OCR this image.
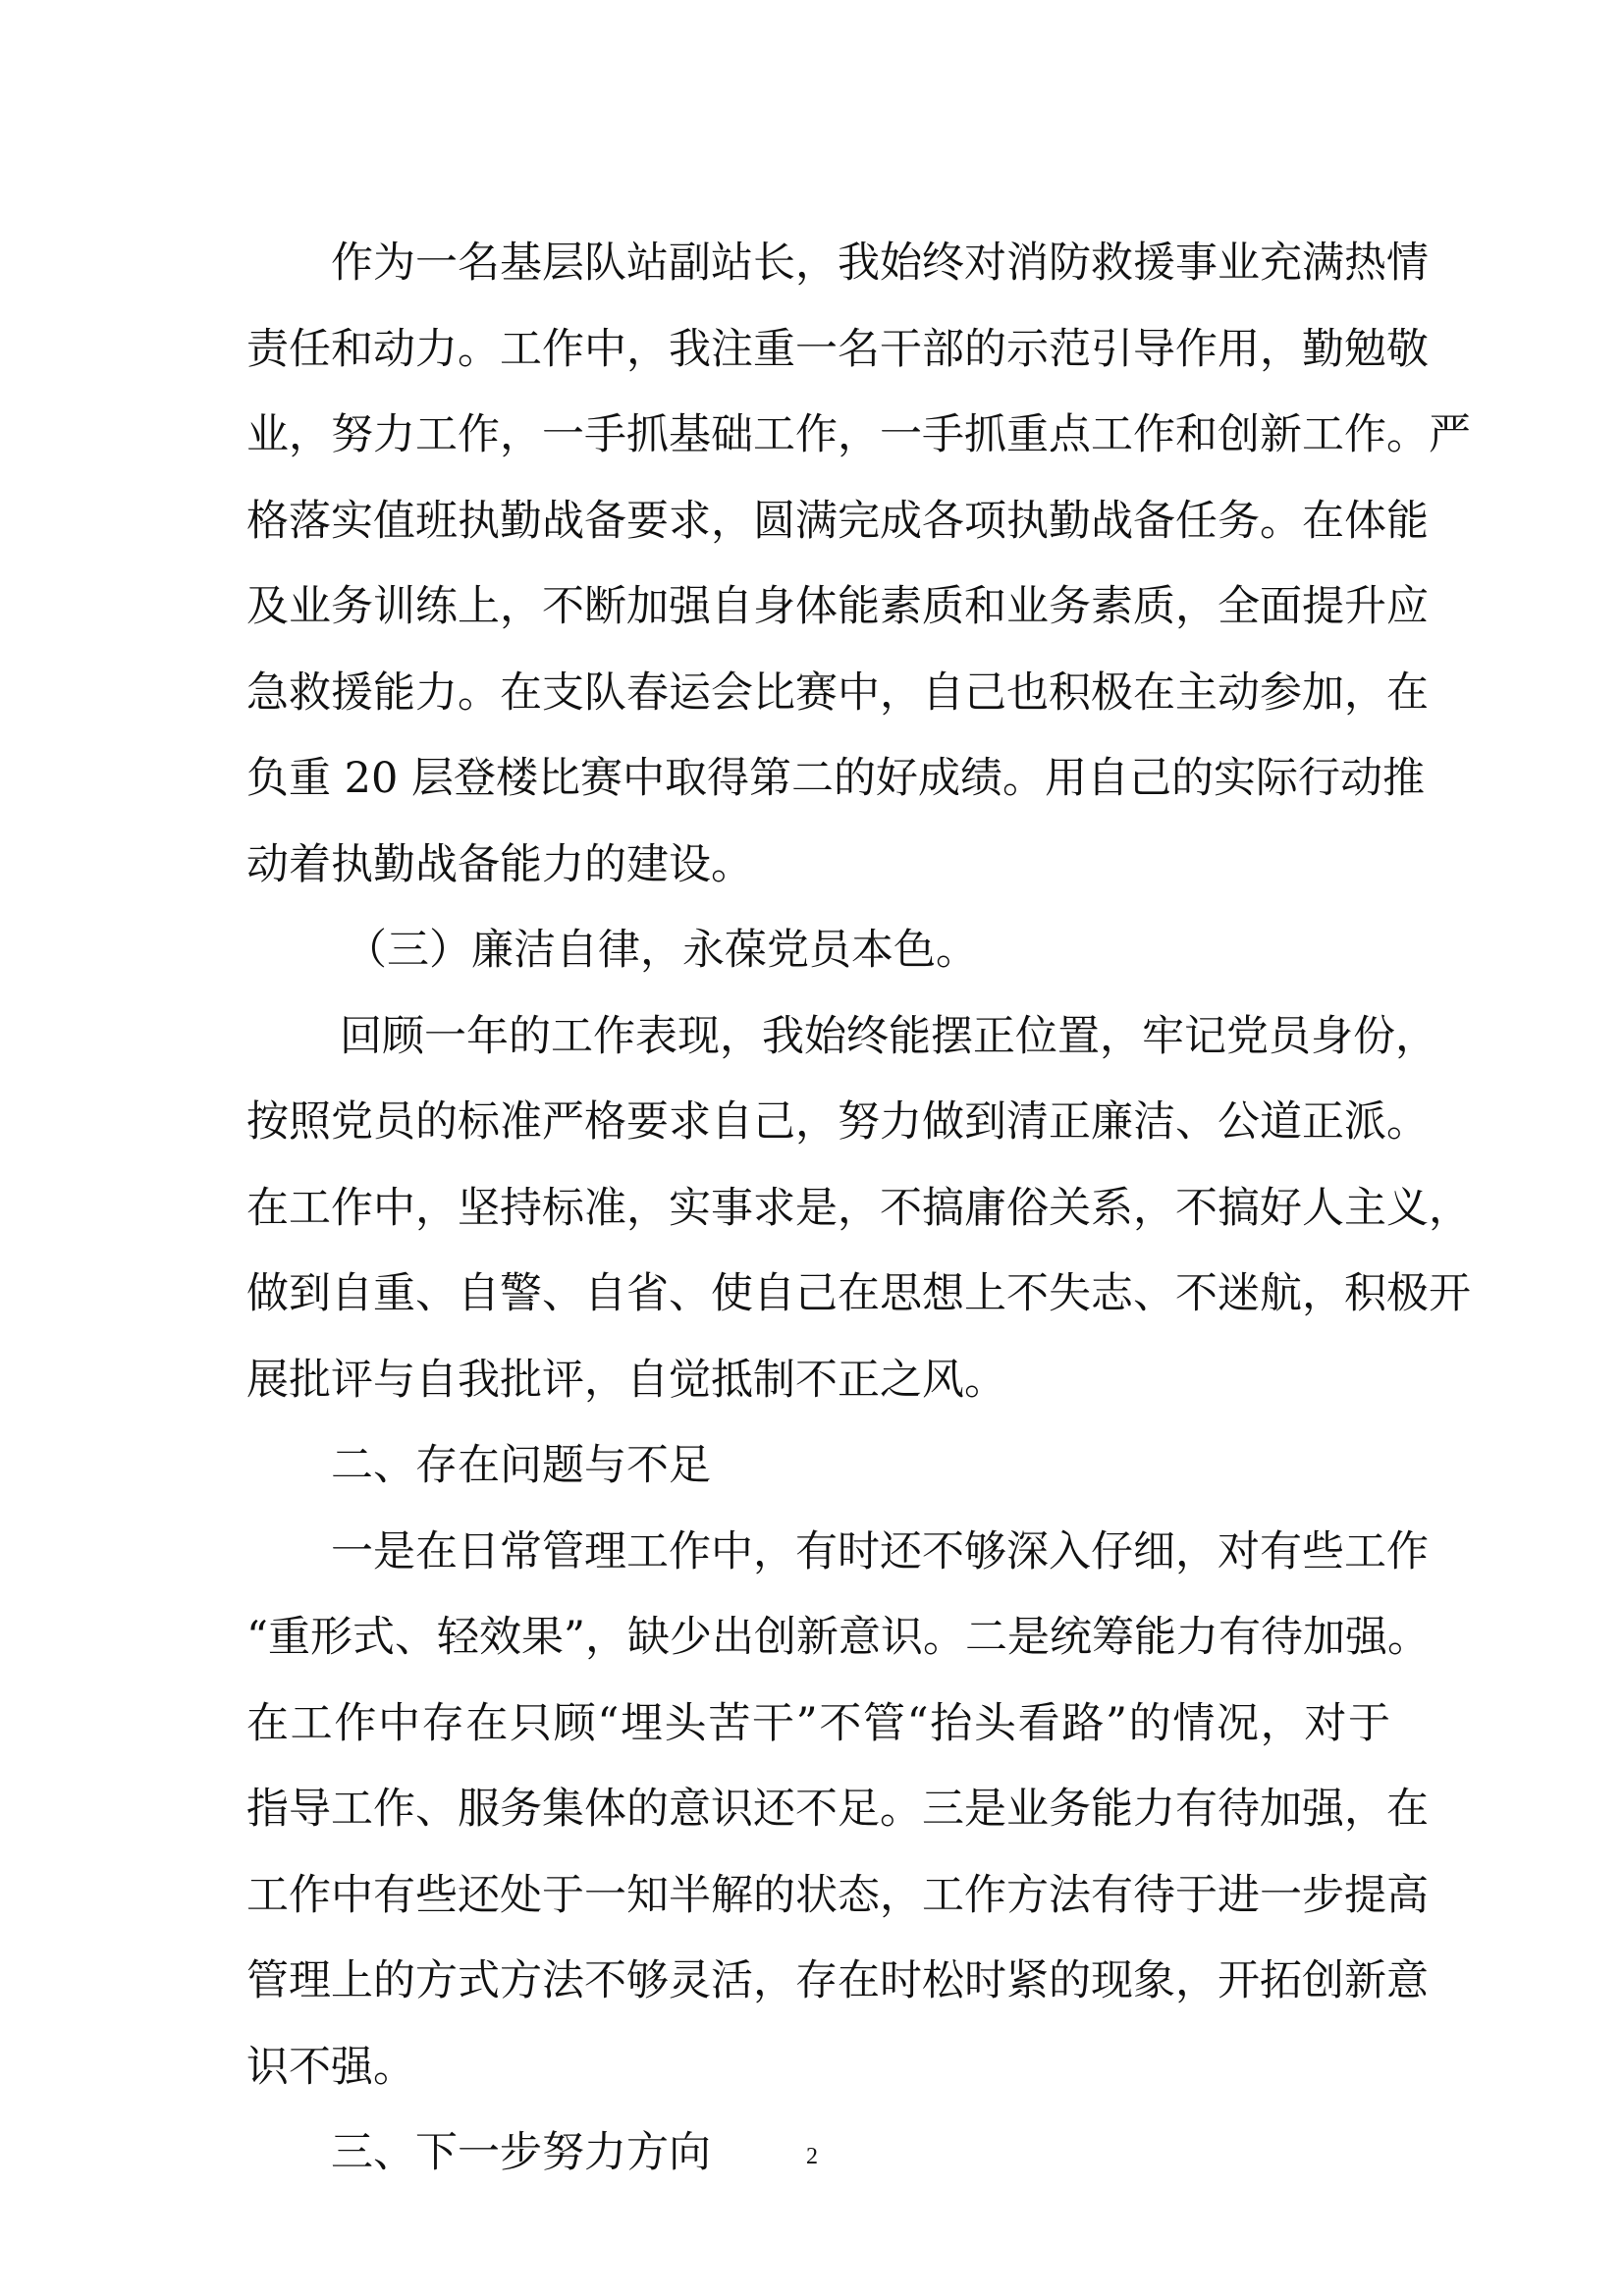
作为一名基层队站副站长，我始终对消防救援事业充满热情
责任和动力。工作中，我注重一名干部的示范引导作用，勤勉敬
业，努力工作，一手抓基础工作，一手抓重点工作和创新工作。严
格落实值班执勤战备要求，圆满完成各项执勤战备任务。在体能
及业务训练上，不断加强自身体能素质和业务素质，全面提升应
急救援能力。在支队春运会比赛中，自己也积极在主动参加，在
负重 20 层登楼比赛中取得第二的好成绩。用自己的实际行动推
动着执勤战备能力的建设。
（三）廉洁自律，永葆党员本色。
回顾一年的工作表现，我始终能摆正位置，牢记党员身份，
按照党员的标准严格要求自己，努力做到清正廉洁、公道正派。
在工作中，坚持标准，实事求是，不搞庸俗关系，不搞好人主义，
做到自重、自警、自省、使自己在思想上不失志、不迷航，积极开
展批评与自我批评，自觉抵制不正之风。
二、存在问题与不足
一是在日常管理工作中，有时还不够深入仔细，对有些工作
“重形式、轻效果”，缺少出创新意识。二是统筹能力有待加强。
在工作中存在只顾“埋头苦干”不管“抬头看路”的情况，对于
指导工作、服务集体的意识还不足。三是业务能力有待加强，在
工作中有些还处于一知半解的状态，工作方法有待于进一步提高
管理上的方式方法不够灵活，存在时松时紧的现象，开拓创新意
识不强。
三、下一步努力方向	2
